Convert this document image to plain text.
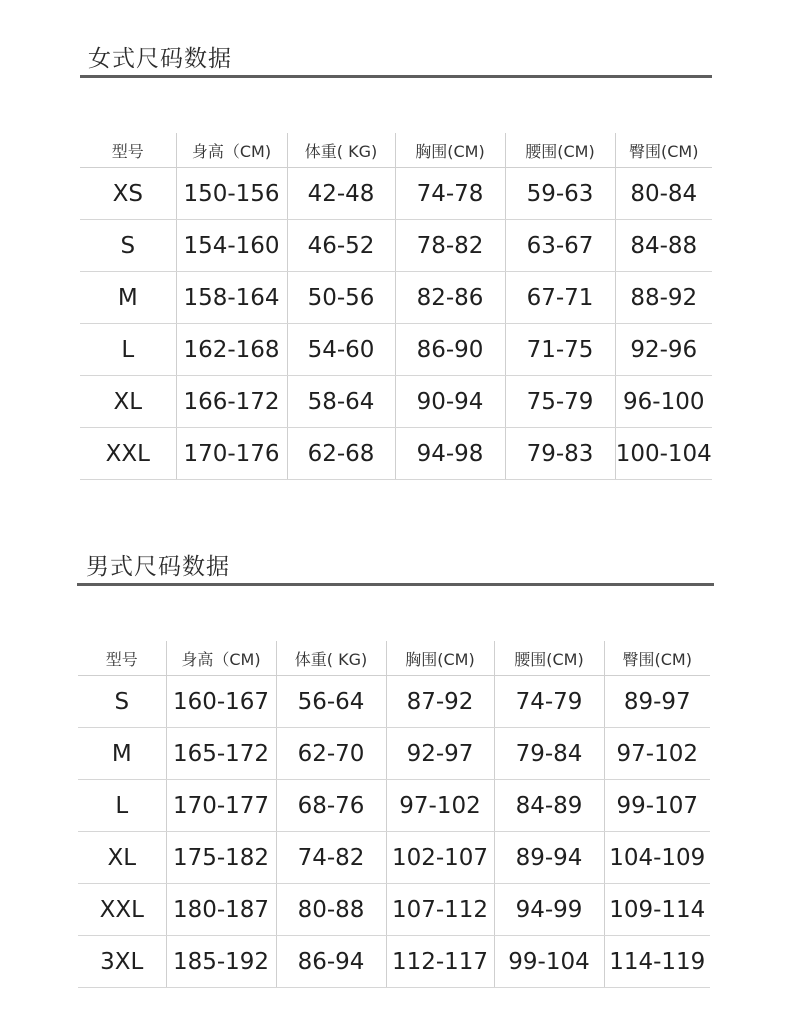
女式尺码数据
型号	身高（CM)	体重( KG)	胸围(CM)	腰围(CM)	臀围(CM)
XS	150-156	42-48	74-78	59-63	80-84
S	154-160	46-52	78-82	63-67	84-88
M	158-164	50-56	82-86	67-71	88-92
L	162-168	54-60	86-90	71-75	92-96
XL	166-172	58-64	90-94	75-79	96-100
XXL	170-176	62-68	94-98	79-83	100-104
男式尺码数据
型号	身高（CM)	体重( KG)	胸围(CM)	腰围(CM)	臀围(CM)
S	160-167	56-64	87-92	74-79	89-97
M	165-172	62-70	92-97	79-84	97-102
L	170-177	68-76	97-102	84-89	99-107
XL	175-182	74-82	102-107	89-94	104-109
XXL	180-187	80-88	107-112	94-99	109-114
3XL	185-192	86-94	112-117	99-104	114-119
